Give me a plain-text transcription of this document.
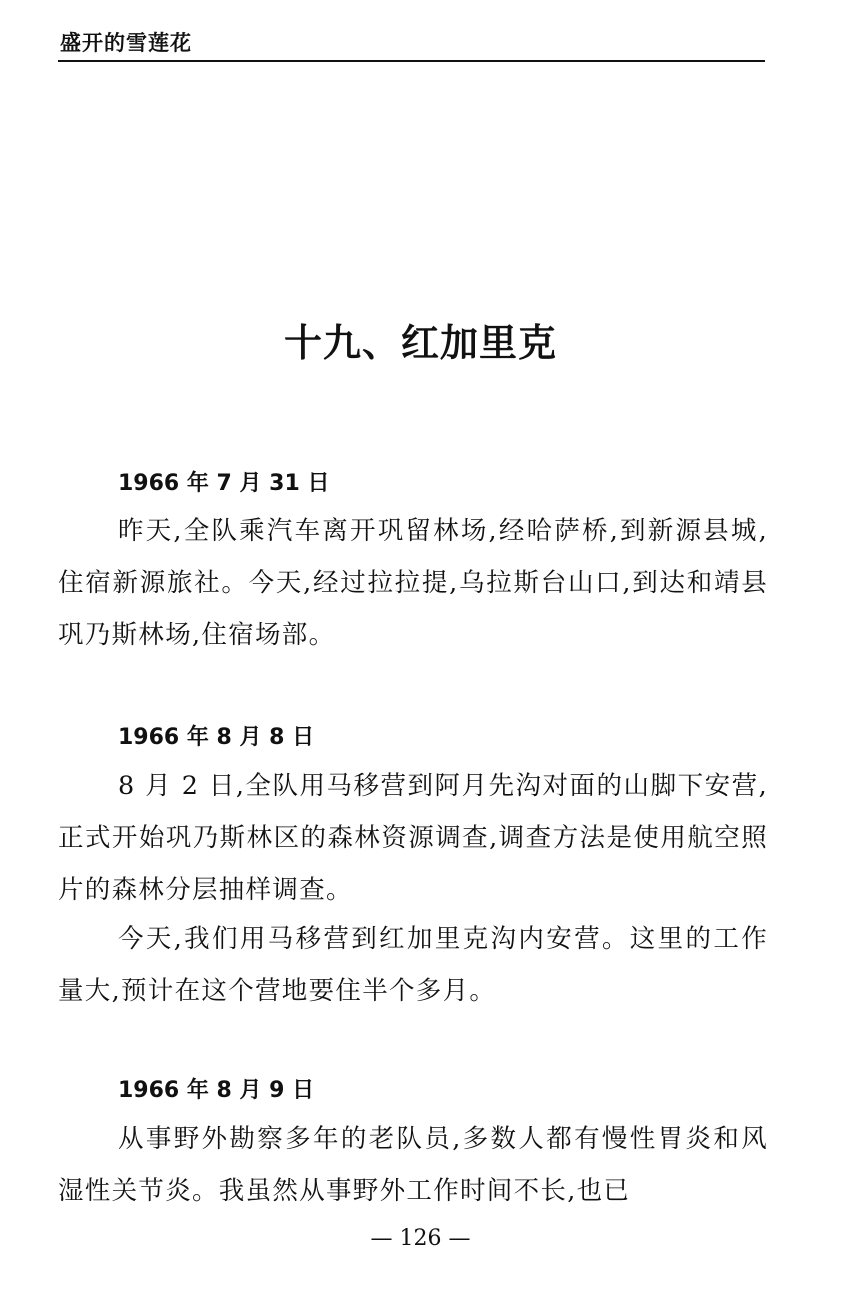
盛开的雪莲花
十九、红加里克
1966 年 7 月 31 日

昨天,全队乘汽车离开巩留林场,经哈萨桥,到新源县城,住宿新源旅社。今天,经过拉拉提,乌拉斯台山口,到达和靖县巩乃斯林场,住宿场部。

1966 年 8 月 8 日

8 月 2 日,全队用马移营到阿月先沟对面的山脚下安营,正式开始巩乃斯林区的森林资源调查,调查方法是使用航空照片的森林分层抽样调查。

今天,我们用马移营到红加里克沟内安营。这里的工作量大,预计在这个营地要住半个多月。

1966 年 8 月 9 日

从事野外勘察多年的老队员,多数人都有慢性胃炎和风湿性关节炎。我虽然从事野外工作时间不长,也已

— 126 —
